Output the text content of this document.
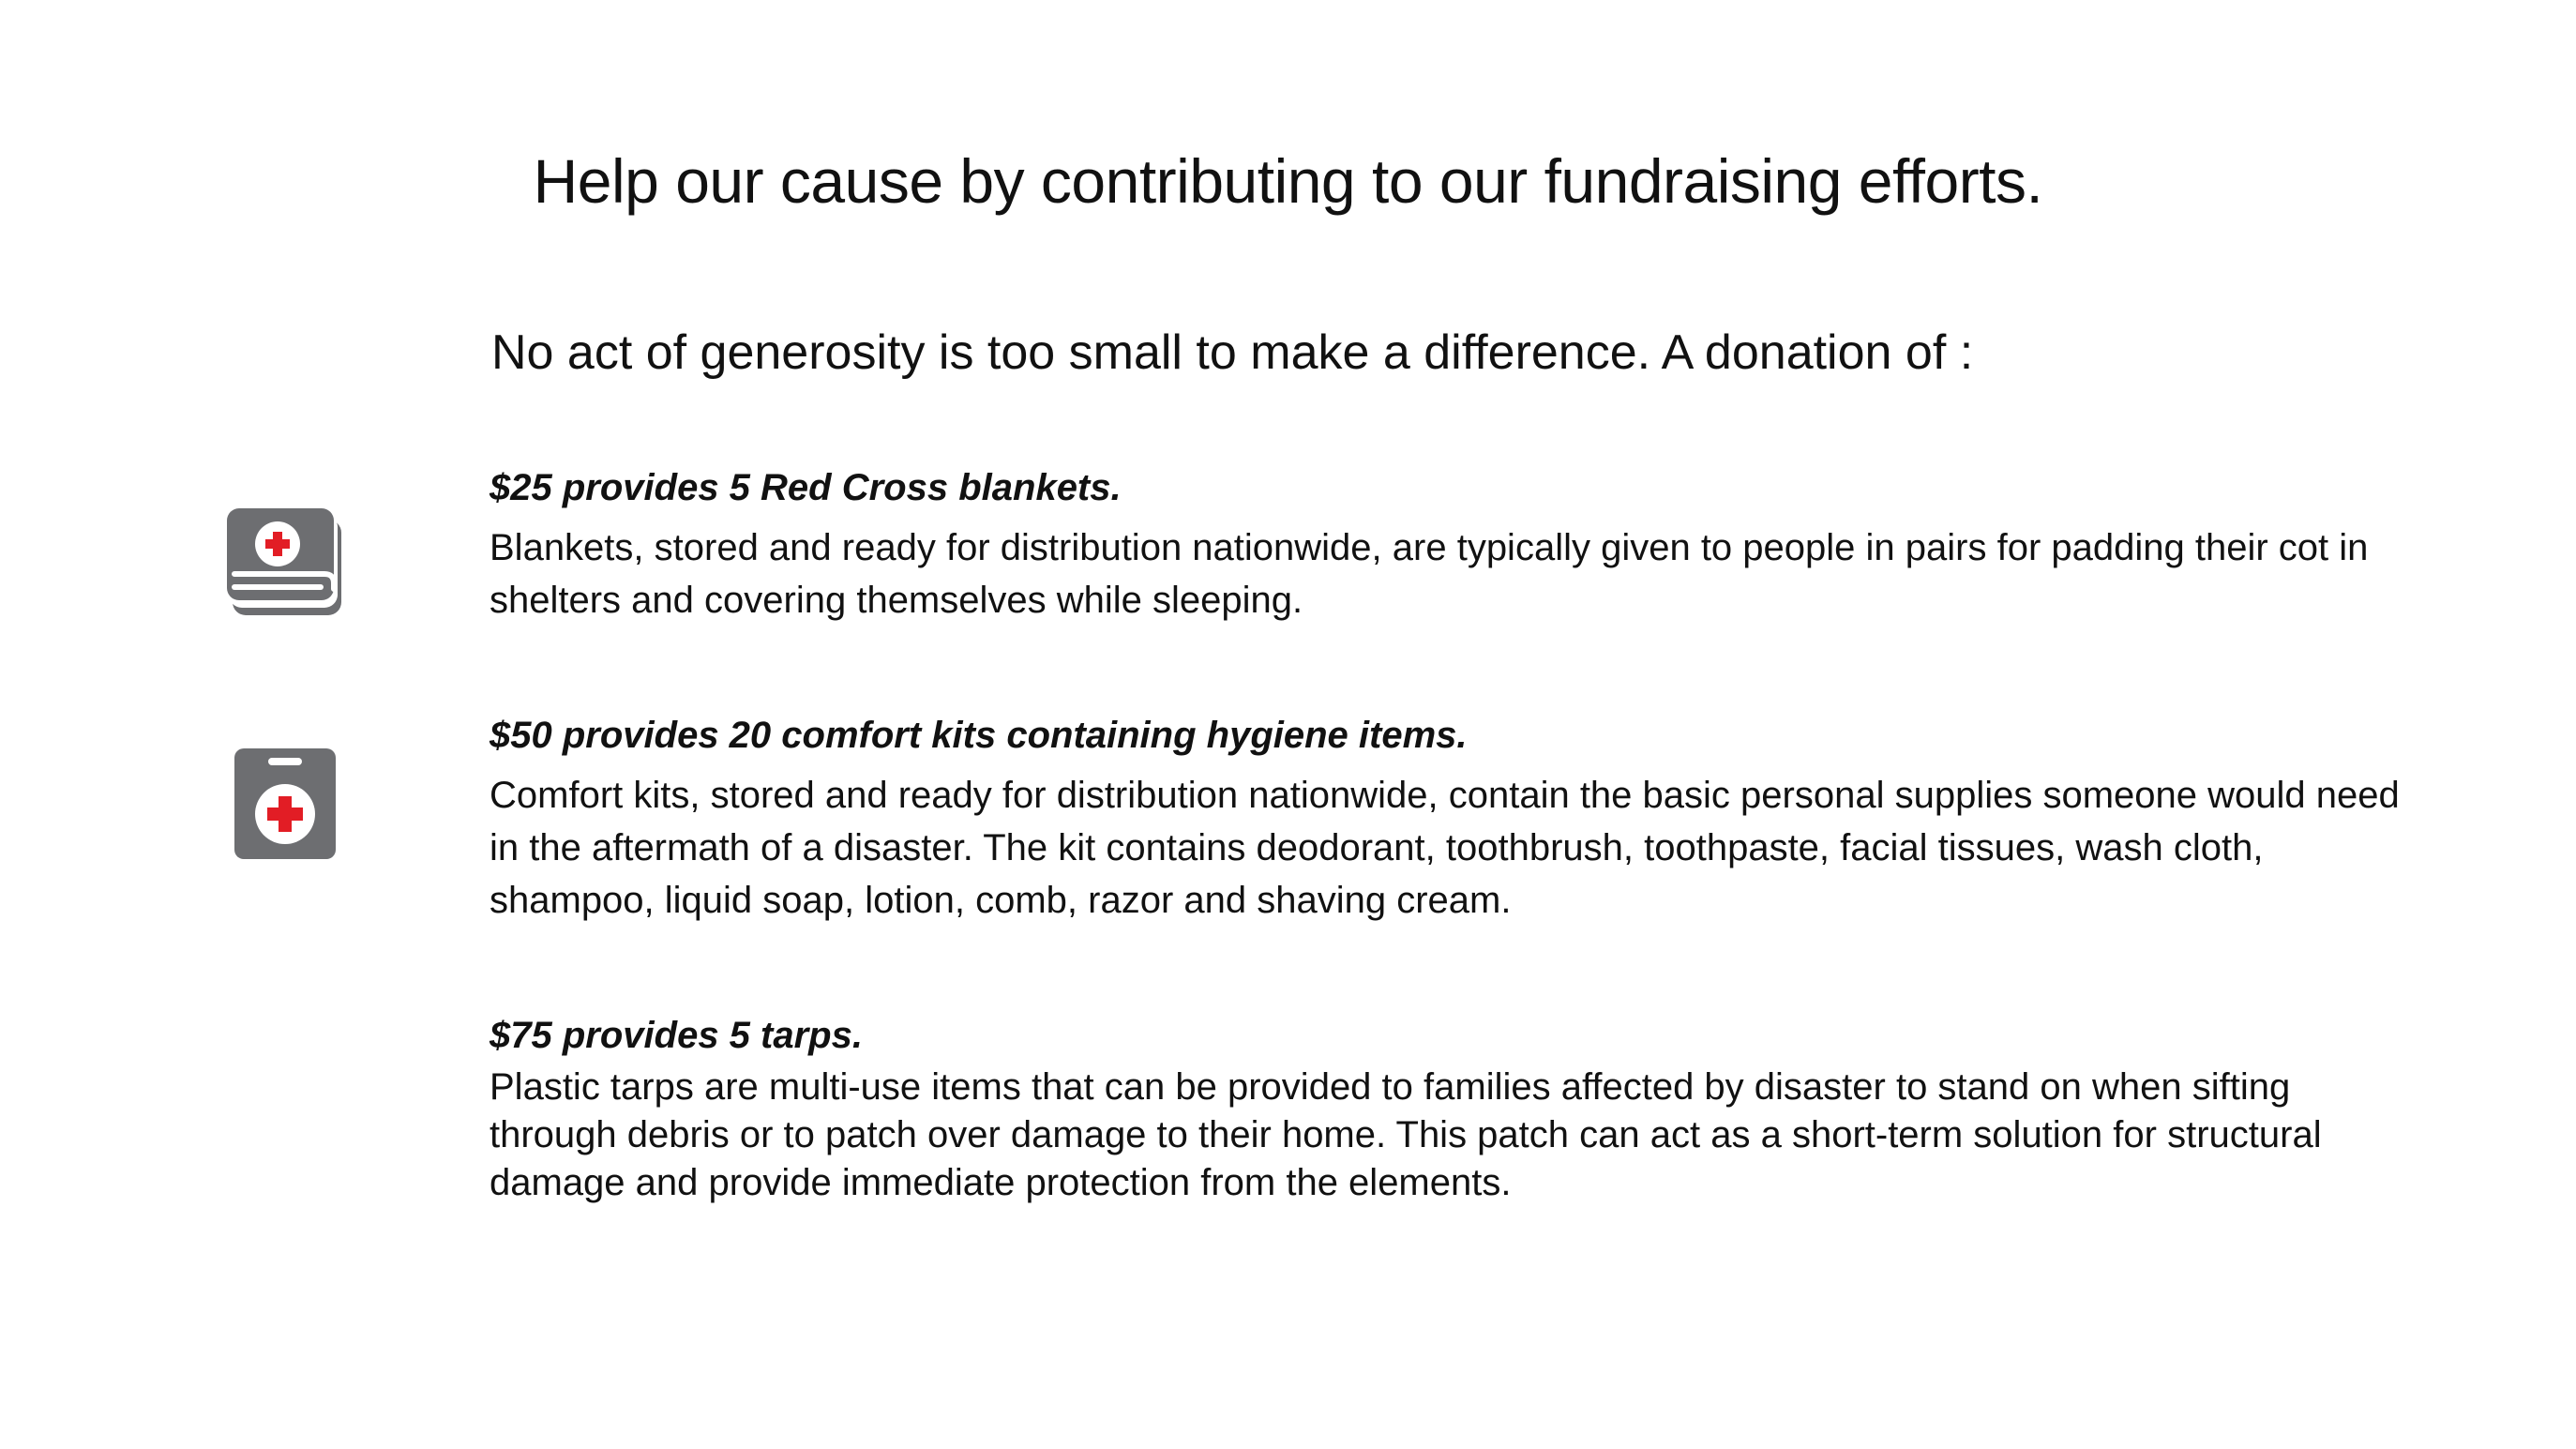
Help our cause by contributing to our fundraising efforts.
No act of generosity is too small to make a difference. A donation of :
$25 provides 5 Red Cross blankets.
Blankets, stored and ready for distribution nationwide, are typically given to people in pairs for padding their cot in shelters and covering themselves while sleeping.
$50 provides 20 comfort kits containing hygiene items.
Comfort kits, stored and ready for distribution nationwide, contain the basic personal supplies someone would need in the aftermath of a disaster. The kit contains deodorant, toothbrush, toothpaste, facial tissues, wash cloth, shampoo, liquid soap, lotion, comb, razor and shaving cream.
$75 provides 5 tarps.
Plastic tarps are multi-use items that can be provided to families affected by disaster to stand on when sifting through debris or to patch over damage to their home. This patch can act as a short-term solution for structural damage and provide immediate protection from the elements.
